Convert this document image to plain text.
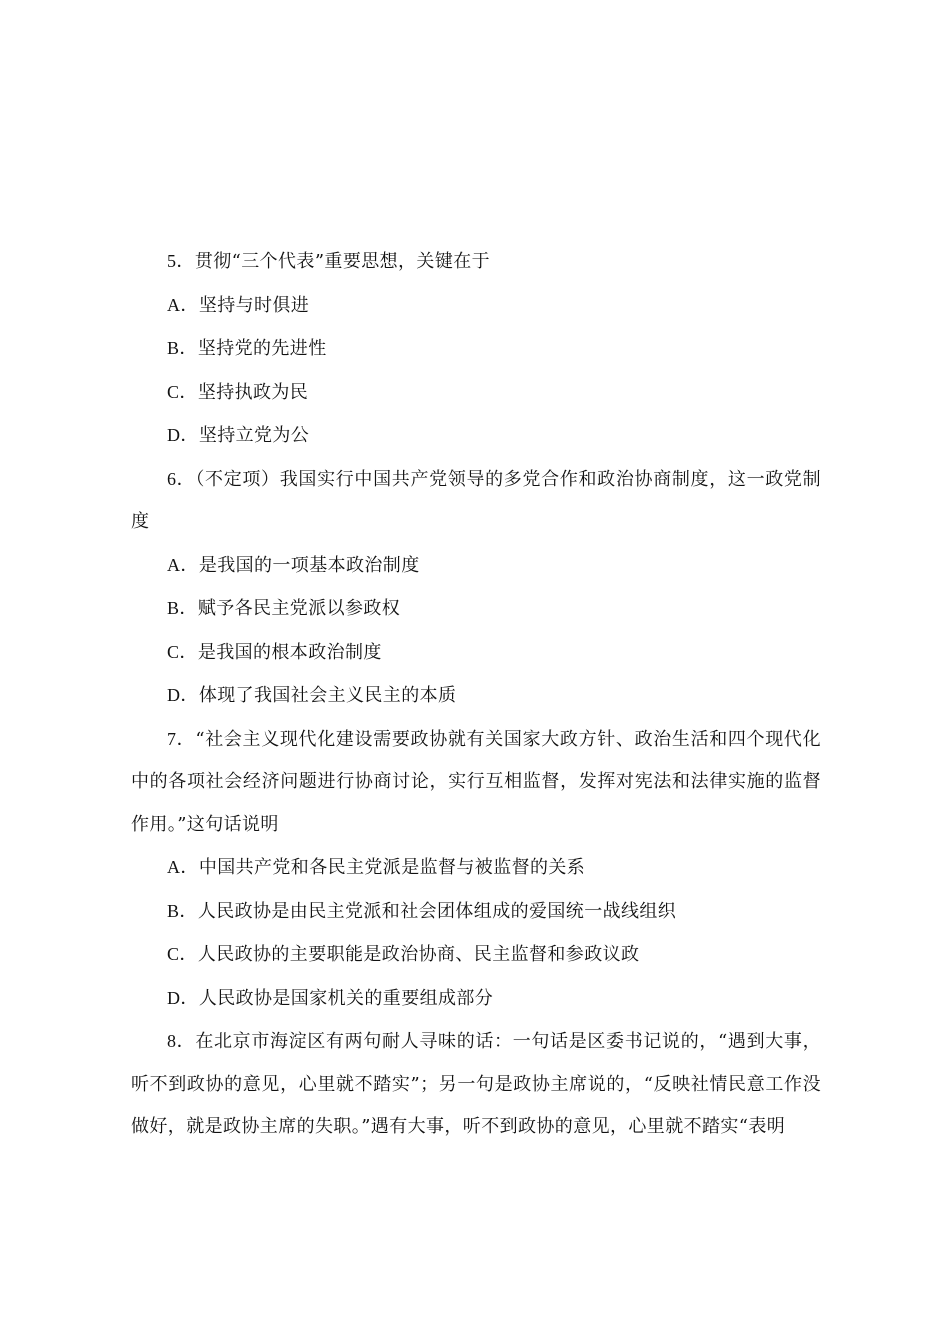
5．贯彻“三个代表”重要思想，关键在于

A．坚持与时俱进

B．坚持党的先进性

C．坚持执政为民

D．坚持立党为公

6．（不定项）我国实行中国共产党领导的多党合作和政治协商制度，这一政党制度

A．是我国的一项基本政治制度

B．赋予各民主党派以参政权

C．是我国的根本政治制度

D．体现了我国社会主义民主的本质

7．“社会主义现代化建设需要政协就有关国家大政方针、政治生活和四个现代化中的各项社会经济问题进行协商讨论，实行互相监督，发挥对宪法和法律实施的监督作用。”这句话说明

A．中国共产党和各民主党派是监督与被监督的关系

B．人民政协是由民主党派和社会团体组成的爱国统一战线组织

C．人民政协的主要职能是政治协商、民主监督和参政议政

D．人民政协是国家机关的重要组成部分

8．在北京市海淀区有两句耐人寻味的话：一句话是区委书记说的，“遇到大事，听不到政协的意见，心里就不踏实”；另一句是政协主席说的，“反映社情民意工作没做好，就是政协主席的失职。”遇有大事，听不到政协的意见，心里就不踏实“表明
